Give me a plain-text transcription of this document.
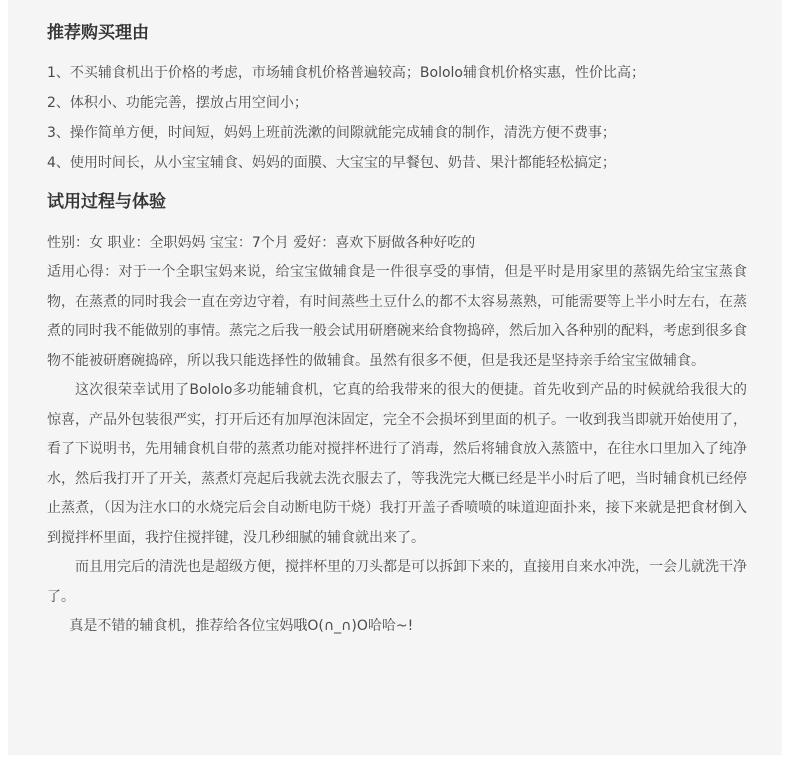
推荐购买理由
1、不买辅食机出于价格的考虑，市场辅食机价格普遍较高；Bololo辅食机价格实惠，性价比高；
2、体积小、功能完善，摆放占用空间小；
3、操作简单方便，时间短，妈妈上班前洗漱的间隙就能完成辅食的制作，清洗方便不费事；
4、使用时间长，从小宝宝辅食、妈妈的面膜、大宝宝的早餐包、奶昔、果汁都能轻松搞定；
试用过程与体验
性别：女 职业：全职妈妈 宝宝：7个月 爱好：喜欢下厨做各种好吃的

适用心得：对于一个全职宝妈来说，给宝宝做辅食是一件很享受的事情，但是平时是用家里的蒸锅先给宝宝蒸食物，在蒸煮的同时我会一直在旁边守着，有时间蒸些土豆什么的都不太容易蒸熟，可能需要等上半小时左右，在蒸煮的同时我不能做别的事情。蒸完之后我一般会试用研磨碗来给食物捣碎，然后加入各种别的配料，考虑到很多食物不能被研磨碗捣碎，所以我只能选择性的做辅食。虽然有很多不便，但是我还是坚持亲手给宝宝做辅食。

这次很荣幸试用了Bololo多功能辅食机，它真的给我带来的很大的便捷。首先收到产品的时候就给我很大的惊喜，产品外包装很严实，打开后还有加厚泡沫固定，完全不会损坏到里面的机子。一收到我当即就开始使用了，看了下说明书，先用辅食机自带的蒸煮功能对搅拌杯进行了消毒，然后将辅食放入蒸篮中，在往水口里加入了纯净水，然后我打开了开关，蒸煮灯亮起后我就去洗衣服去了，等我洗完大概已经是半小时后了吧，当时辅食机已经停止蒸煮，（因为注水口的水烧完后会自动断电防干烧）我打开盖子香喷喷的味道迎面扑来，接下来就是把食材倒入到搅拌杯里面，我拧住搅拌键，没几秒细腻的辅食就出来了。

而且用完后的清洗也是超级方便，搅拌杯里的刀头都是可以拆卸下来的，直接用自来水冲洗，一会儿就洗干净了。

真是不错的辅食机，推荐给各位宝妈哦O(∩_∩)O哈哈~!
